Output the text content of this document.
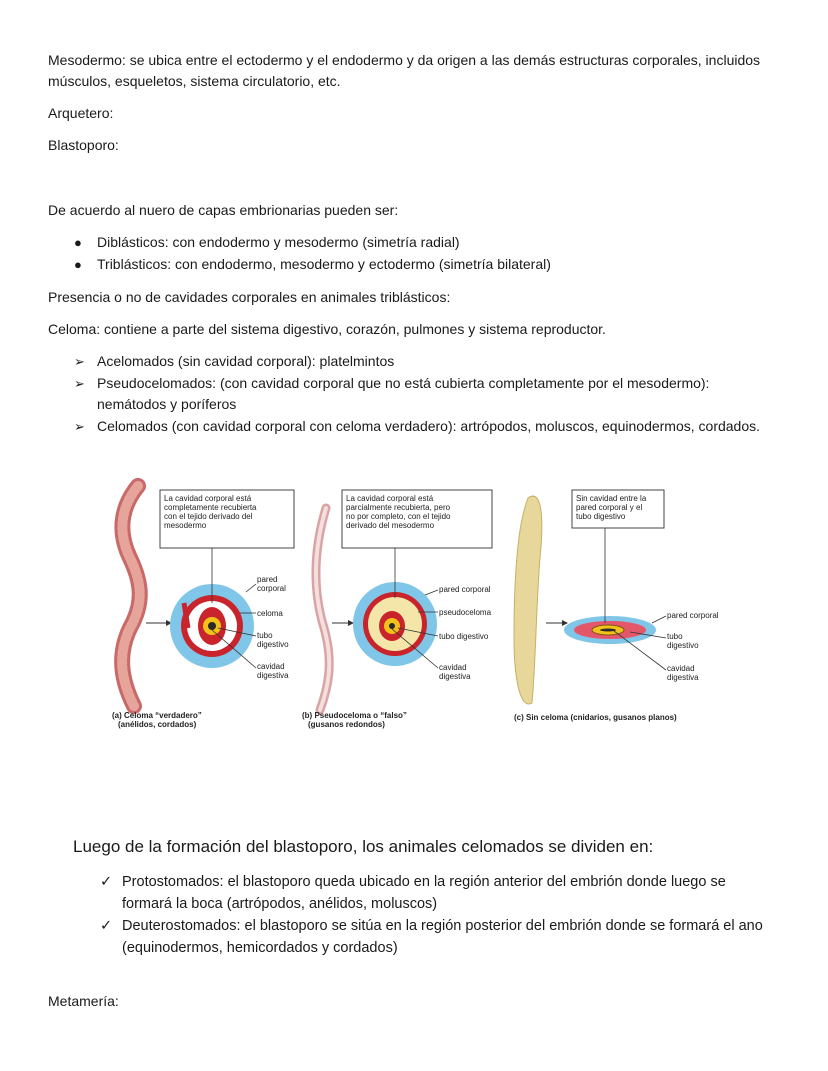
Mesodermo: se ubica entre el ectodermo y el endodermo y da origen a las demás estructuras corporales, incluidos músculos, esqueletos, sistema circulatorio, etc.

Arquetero:

Blastoporo:

De acuerdo al nuero de capas embrionarias pueden ser:

● Diblásticos: con endodermo y mesodermo (simetría radial)

● Triblásticos: con endodermo, mesodermo y ectodermo (simetría bilateral)

Presencia o no de cavidades corporales en animales triblásticos:

Celoma: contiene a parte del sistema digestivo, corazón, pulmones y sistema reproductor.

➢ Acelomados (sin cavidad corporal): platelmintos

➢ Pseudocelomados: (con cavidad corporal que no está cubierta completamente por el mesodermo): nemátodos y poríferos

➢ Celomados (con cavidad corporal con celoma verdadero): artrópodos, moluscos, equinodermos, cordados.

La cavidad corporal está completamente recubierta con el tejido derivado del mesodermo
pared corporal celoma tubo digestivo cavidad digestiva
(a) Celoma “verdadero” (anélidos, cordados)
La cavidad corporal está parcialmente recubierta, pero no por completo, con el tejido derivado del mesodermo
pared corporal pseudoceloma tubo digestivo cavidad digestiva
(b) Pseudoceloma o “falso” (gusanos redondos)
Sin cavidad entre la pared corporal y el tubo digestivo
pared corporal tubo digestivo cavidad digestiva
(c) Sin celoma (cnidarios, gusanos planos)

Luego de la formación del blastoporo, los animales celomados se dividen en:

✓ Protostomados: el blastoporo queda ubicado en la región anterior del embrión donde luego se formará la boca (artrópodos, anélidos, moluscos)

✓ Deuterostomados: el blastoporo se sitúa en la región posterior del embrión donde se formará el ano (equinodermos, hemicordados y cordados)

Metamería:
